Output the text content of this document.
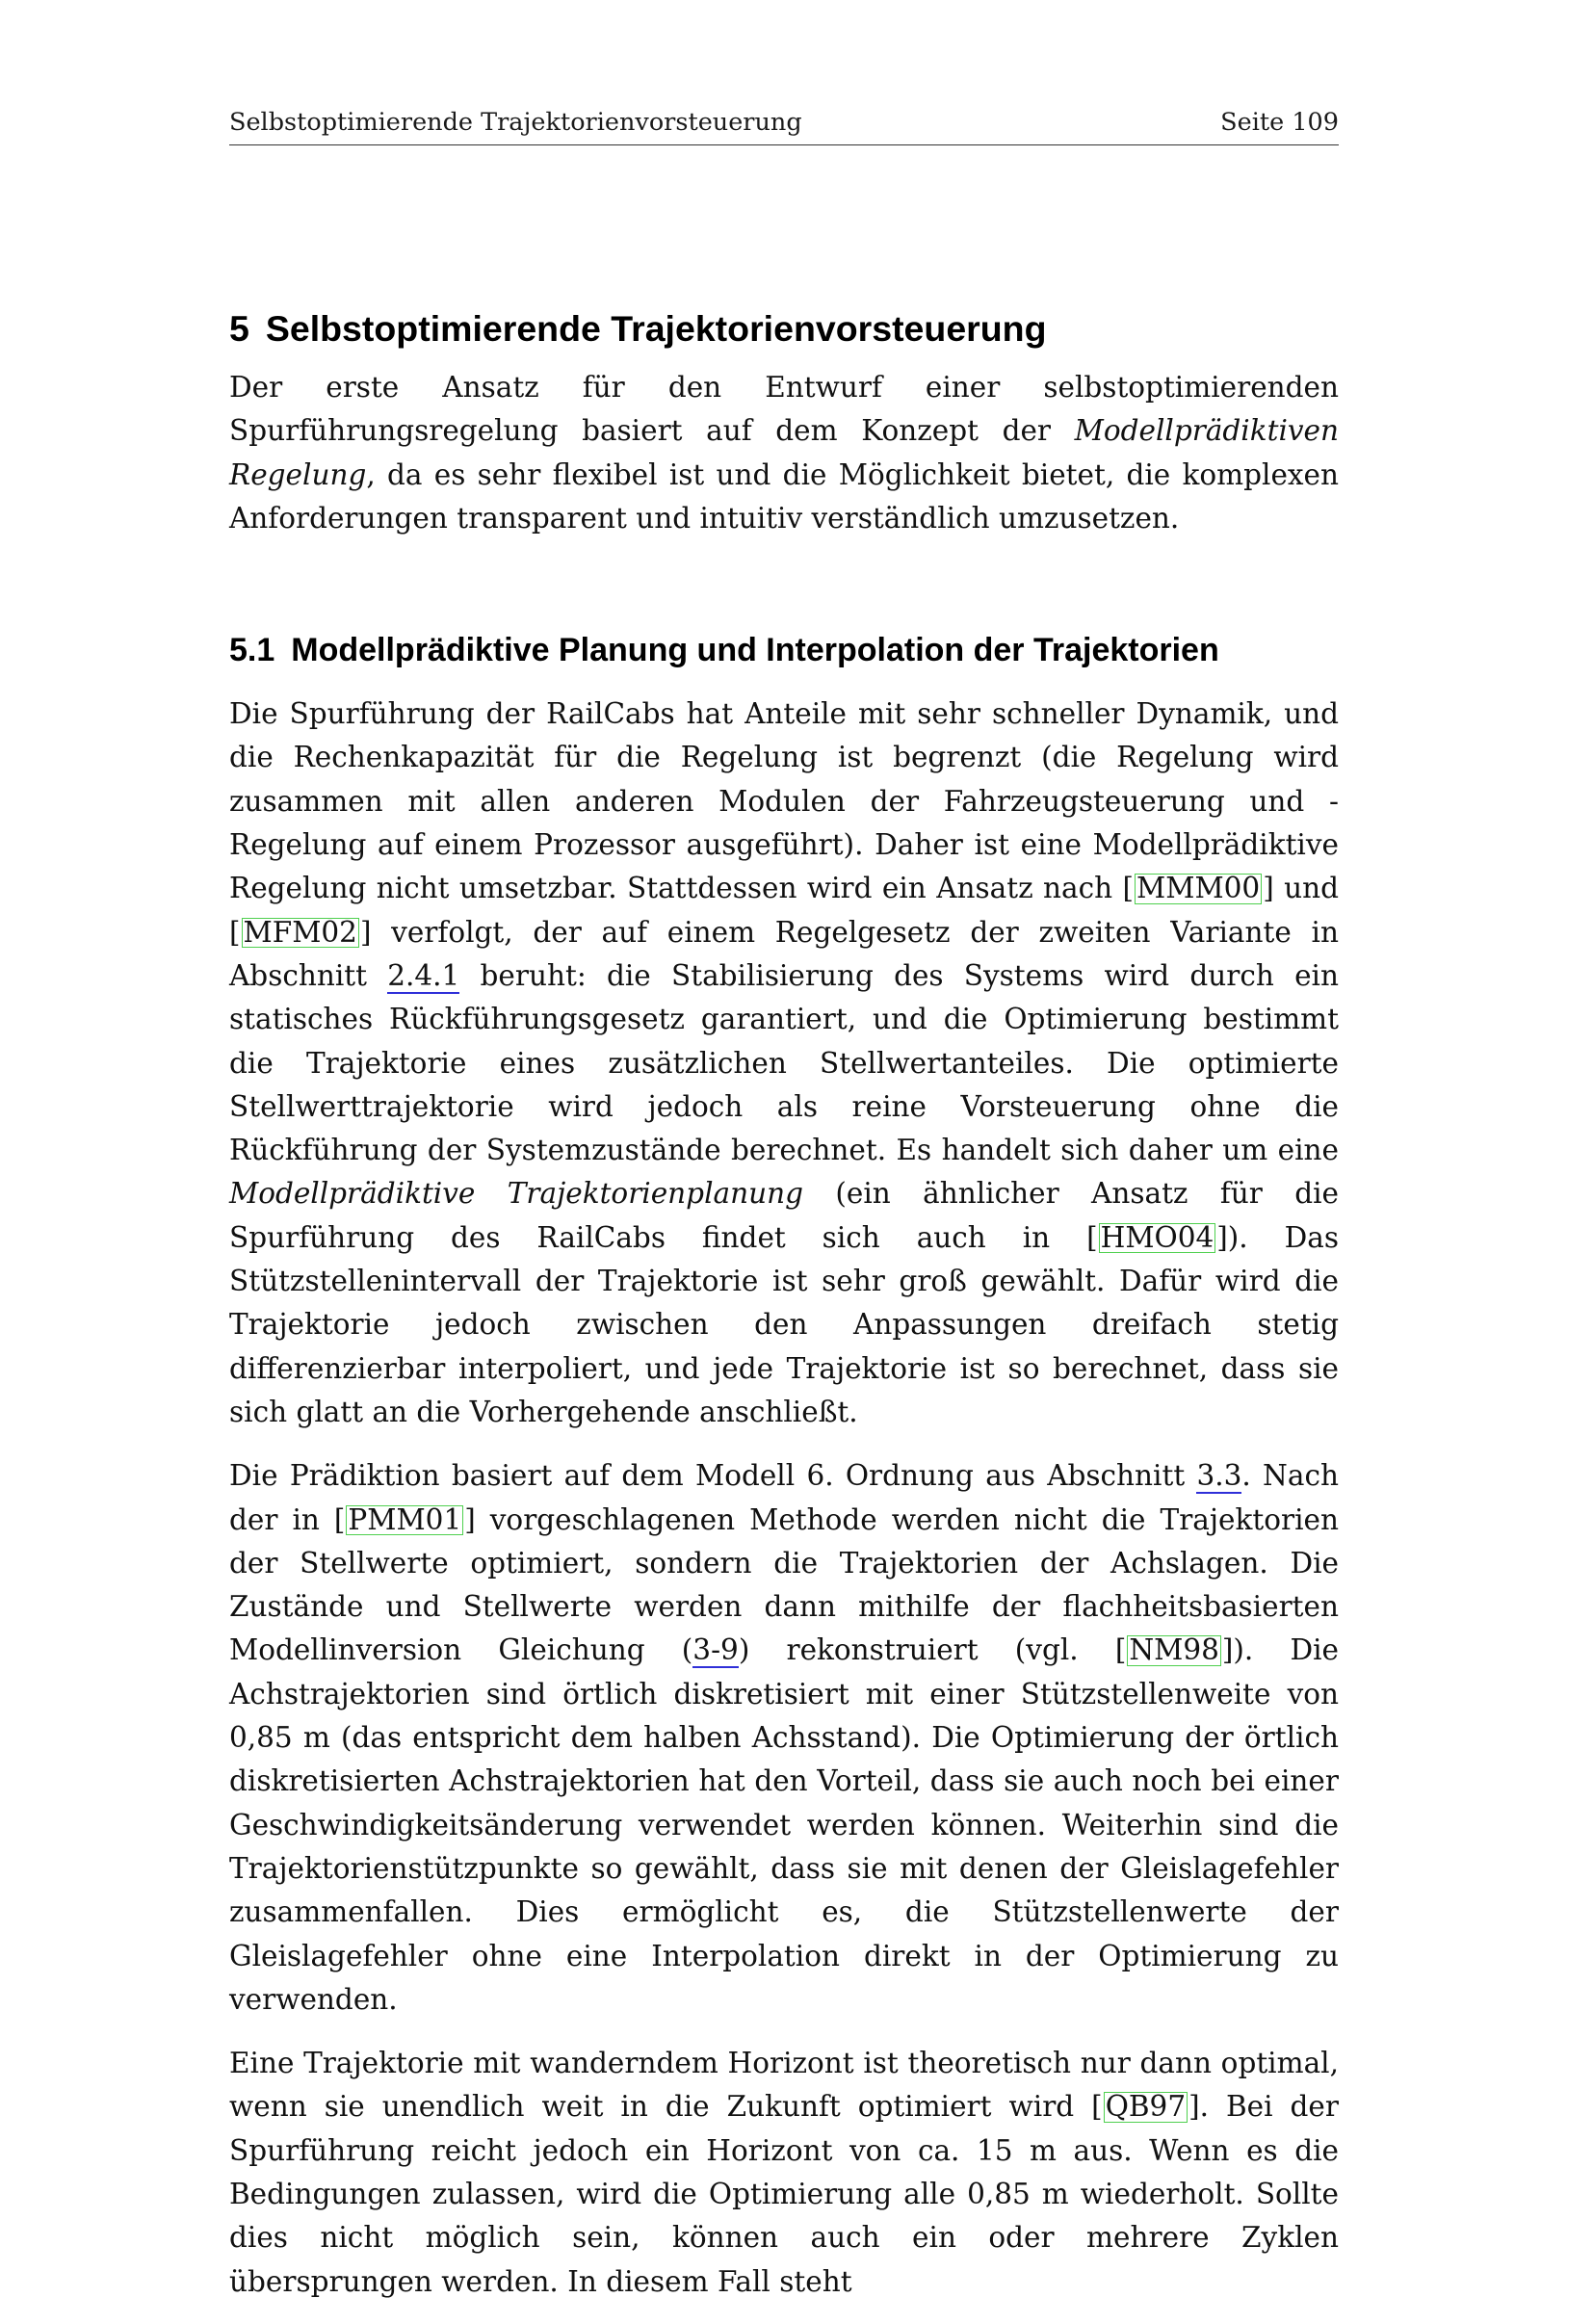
Selbstoptimierende Trajektorienvorsteuerung	Seite 109
5 Selbstoptimierende Trajektorienvorsteuerung

Der erste Ansatz für den Entwurf einer selbstoptimierenden Spurführungsregelung basiert auf dem Konzept der Modellprädiktiven Regelung, da es sehr flexibel ist und die Möglichkeit bietet, die komplexen Anforderungen transparent und intuitiv verständlich umzusetzen.

5.1 Modellprädiktive Planung und Interpolation der Trajektorien

Die Spurführung der RailCabs hat Anteile mit sehr schneller Dynamik, und die Rechenkapazität für die Regelung ist begrenzt (die Regelung wird zusammen mit allen anderen Modulen der Fahrzeugsteuerung und -Regelung auf einem Prozessor ausgeführt). Daher ist eine Modellprädiktive Regelung nicht umsetzbar. Stattdessen wird ein Ansatz nach [ MMM00 ] und [ MFM02 ] verfolgt, der auf einem Regelgesetz der zweiten Variante in Abschnitt 2.4.1 beruht: die Stabilisierung des Systems wird durch ein statisches Rückführungsgesetz garantiert, und die Optimierung bestimmt die Trajektorie eines zusätzlichen Stellwertanteiles. Die optimierte Stellwerttrajektorie wird jedoch als reine Vorsteuerung ohne die Rückführung der Systemzustände berechnet. Es handelt sich daher um eine Modellprädiktive Trajektorienplanung (ein ähnlicher Ansatz für die Spurführung des RailCabs findet sich auch in [ HMO04 ]). Das Stützstellenintervall der Trajektorie ist sehr groß gewählt. Dafür wird die Trajektorie jedoch zwischen den Anpassungen dreifach stetig differenzierbar interpoliert, und jede Trajektorie ist so berechnet, dass sie sich glatt an die Vorhergehende anschließt.

Die Prädiktion basiert auf dem Modell 6. Ordnung aus Abschnitt 3.3. Nach der in [ PMM01 ] vorgeschlagenen Methode werden nicht die Trajektorien der Stellwerte optimiert, sondern die Trajektorien der Achslagen. Die Zustände und Stellwerte werden dann mithilfe der flachheitsbasierten Modellinversion Gleichung (3-9) rekonstruiert (vgl. [ NM98 ]). Die Achstrajektorien sind örtlich diskretisiert mit einer Stützstellenweite von 0,85 m (das entspricht dem halben Achsstand). Die Optimierung der örtlich diskretisierten Achstrajektorien hat den Vorteil, dass sie auch noch bei einer Geschwindigkeitsänderung verwendet werden können. Weiterhin sind die Trajektorienstützpunkte so gewählt, dass sie mit denen der Gleislagefehler zusammenfallen. Dies ermöglicht es, die Stützstellenwerte der Gleislagefehler ohne eine Interpolation direkt in der Optimierung zu verwenden.

Eine Trajektorie mit wanderndem Horizont ist theoretisch nur dann optimal, wenn sie unendlich weit in die Zukunft optimiert wird [ QB97 ]. Bei der Spurführung reicht jedoch ein Horizont von ca. 15 m aus. Wenn es die Bedingungen zulassen, wird die Optimierung alle 0,85 m wiederholt. Sollte dies nicht möglich sein, können auch ein oder mehrere Zyklen übersprungen werden. In diesem Fall steht
